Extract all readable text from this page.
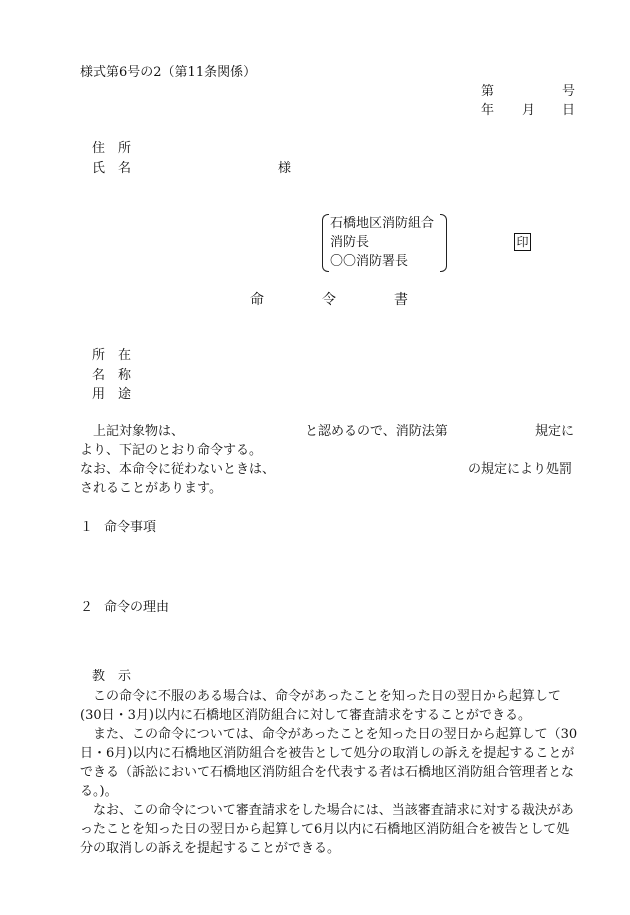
様式第6号の2（第11条関係）
第	号
年 月 日
住　所
氏　名	様
石橋地区消防組合
消防長
〇〇消防署長
印
命	令	書
所　在
名　称
用　途
　上記対象物は、	と認めるので、消防法第	規定に
より、下記のとおり命令する。
なお、本命令に従わないときは、	の規定により処罰
されることがあります。
１ 命令事項
２ 命令の理由
教　示
　この命令に不服のある場合は、命令があったことを知った日の翌日から起算して(30日・3月)以内に石橋地区消防組合に対して審査請求をすることができる。
　また、この命令については、命令があったことを知った日の翌日から起算して（30日・6月)以内に石橋地区消防組合を被告として処分の取消しの訴えを提起することができる（訴訟において石橋地区消防組合を代表する者は石橋地区消防組合管理者となる。)。
　なお、この命令について審査請求をした場合には、当該審査請求に対する裁決があったことを知った日の翌日から起算して6月以内に石橋地区消防組合を被告として処分の取消しの訴えを提起することができる。
